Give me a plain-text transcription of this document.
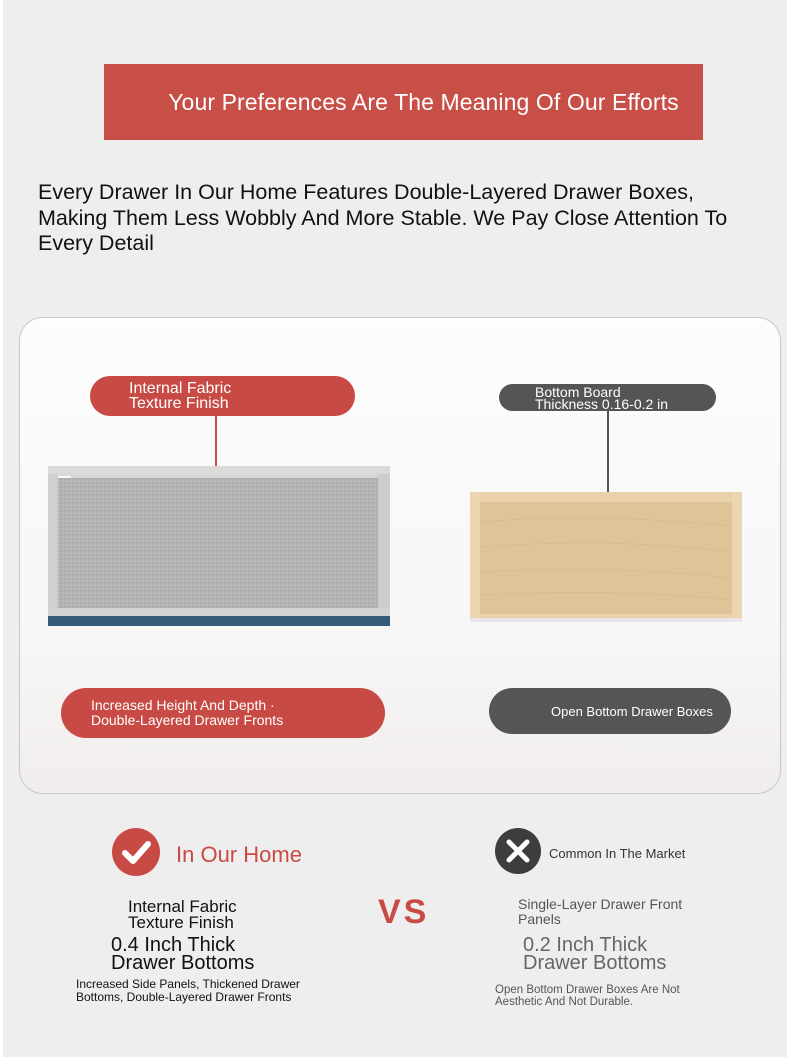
Your Preferences Are The Meaning Of Our Efforts
Every Drawer In Our Home Features Double-Layered Drawer Boxes, Making Them Less Wobbly And More Stable. We Pay Close Attention To Every Detail
Internal Fabric
Texture Finish
Bottom Board
Thickness 0.16-0.2 in
Increased Height And Depth ·
Double-Layered Drawer Fronts
Open Bottom Drawer Boxes
In Our Home
Internal Fabric
Texture Finish
0.4 Inch Thick
Drawer Bottoms
Increased Side Panels, Thickened Drawer
Bottoms, Double-Layered Drawer Fronts
VS
Common In The Market
Single-Layer Drawer Front
Panels
0.2 Inch Thick
Drawer Bottoms
Open Bottom Drawer Boxes Are Not
Aesthetic And Not Durable.
